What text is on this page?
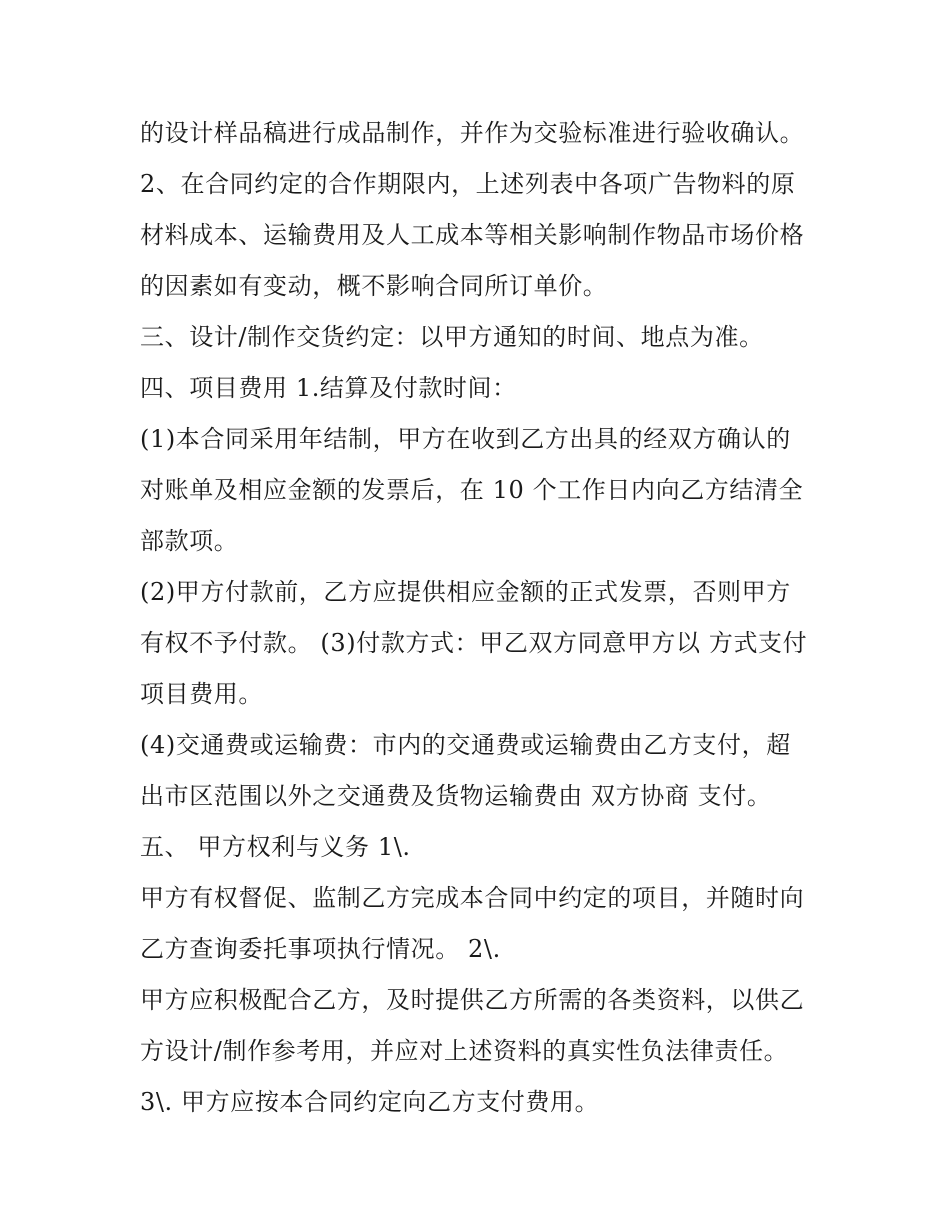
的设计样品稿进行成品制作，并作为交验标准进行验收确认。
2、在合同约定的合作期限内，上述列表中各项广告物料的原
材料成本、运输费用及人工成本等相关影响制作物品市场价格
的因素如有变动，概不影响合同所订单价。
三、设计/制作交货约定：以甲方通知的时间、地点为准。
四、项目费用 1.结算及付款时间：
(1)本合同采用年结制，甲方在收到乙方出具的经双方确认的
对账单及相应金额的发票后，在 10 个工作日内向乙方结清全
部款项。
(2)甲方付款前，乙方应提供相应金额的正式发票，否则甲方
有权不予付款。 (3)付款方式：甲乙双方同意甲方以 方式支付
项目费用。
(4)交通费或运输费：市内的交通费或运输费由乙方支付，超
出市区范围以外之交通费及货物运输费由 双方协商 支付。
五、 甲方权利与义务 1\.
甲方有权督促、监制乙方完成本合同中约定的项目，并随时向
乙方查询委托事项执行情况。 2\.
甲方应积极配合乙方，及时提供乙方所需的各类资料，以供乙
方设计/制作参考用，并应对上述资料的真实性负法律责任。
3\. 甲方应按本合同约定向乙方支付费用。
